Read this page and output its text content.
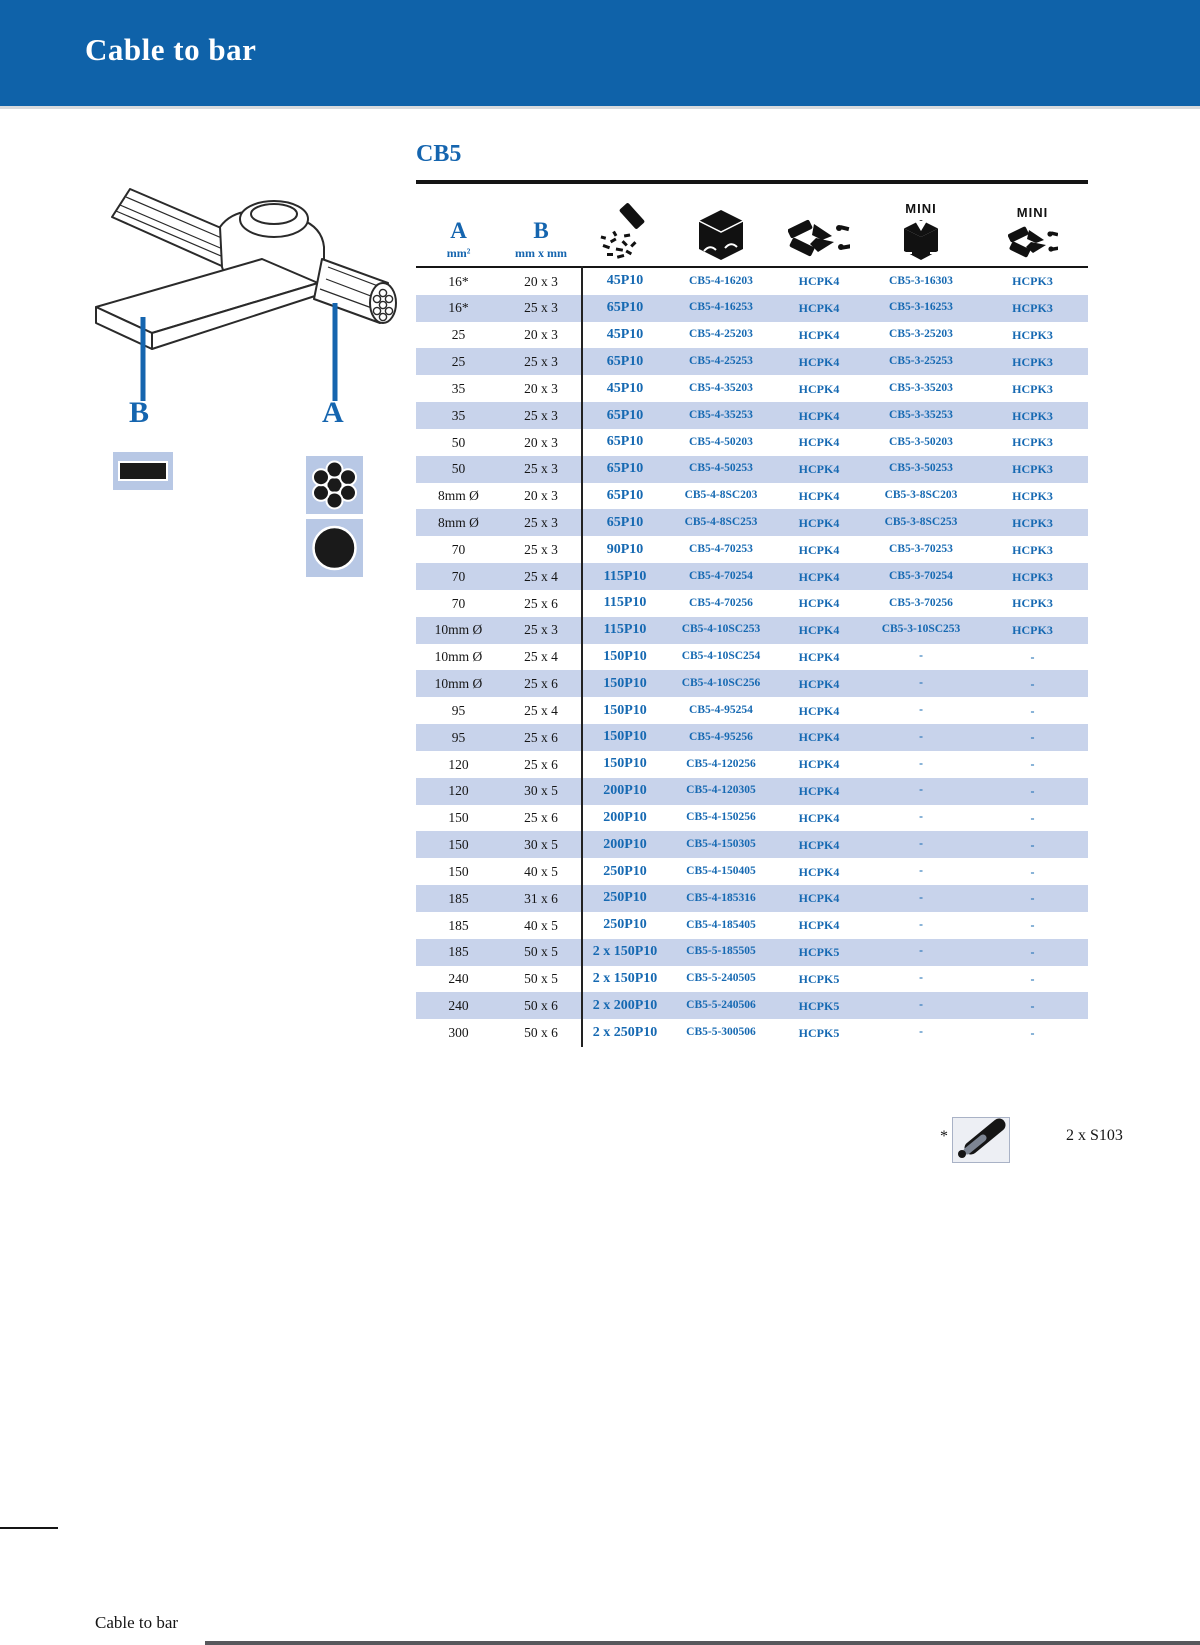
Cable to bar
B	A
CB5
A
mm²
B
mm x mm
MINI	MINI
16*	20 x 3	45P10	CB5-4-16203	HCPK4	CB5-3-16303	HCPK3
16*	25 x 3	65P10	CB5-4-16253	HCPK4	CB5-3-16253	HCPK3
25	20 x 3	45P10	CB5-4-25203	HCPK4	CB5-3-25203	HCPK3
25	25 x 3	65P10	CB5-4-25253	HCPK4	CB5-3-25253	HCPK3
35	20 x 3	45P10	CB5-4-35203	HCPK4	CB5-3-35203	HCPK3
35	25 x 3	65P10	CB5-4-35253	HCPK4	CB5-3-35253	HCPK3
50	20 x 3	65P10	CB5-4-50203	HCPK4	CB5-3-50203	HCPK3
50	25 x 3	65P10	CB5-4-50253	HCPK4	CB5-3-50253	HCPK3
8mm Ø	20 x 3	65P10	CB5-4-8SC203	HCPK4	CB5-3-8SC203	HCPK3
8mm Ø	25 x 3	65P10	CB5-4-8SC253	HCPK4	CB5-3-8SC253	HCPK3
70	25 x 3	90P10	CB5-4-70253	HCPK4	CB5-3-70253	HCPK3
70	25 x 4	115P10	CB5-4-70254	HCPK4	CB5-3-70254	HCPK3
70	25 x 6	115P10	CB5-4-70256	HCPK4	CB5-3-70256	HCPK3
10mm Ø	25 x 3	115P10	CB5-4-10SC253	HCPK4	CB5-3-10SC253	HCPK3
10mm Ø	25 x 4	150P10	CB5-4-10SC254	HCPK4	-	-
10mm Ø	25 x 6	150P10	CB5-4-10SC256	HCPK4	-	-
95	25 x 4	150P10	CB5-4-95254	HCPK4	-	-
95	25 x 6	150P10	CB5-4-95256	HCPK4	-	-
120	25 x 6	150P10	CB5-4-120256	HCPK4	-	-
120	30 x 5	200P10	CB5-4-120305	HCPK4	-	-
150	25 x 6	200P10	CB5-4-150256	HCPK4	-	-
150	30 x 5	200P10	CB5-4-150305	HCPK4	-	-
150	40 x 5	250P10	CB5-4-150405	HCPK4	-	-
185	31 x 6	250P10	CB5-4-185316	HCPK4	-	-
185	40 x 5	250P10	CB5-4-185405	HCPK4	-	-
185	50 x 5	2 x 150P10	CB5-5-185505	HCPK5	-	-
240	50 x 5	2 x 150P10	CB5-5-240505	HCPK5	-	-
240	50 x 6	2 x 200P10	CB5-5-240506	HCPK5	-	-
300	50 x 6	2 x 250P10	CB5-5-300506	HCPK5	-	-
*	2 x S103
Cable to bar
